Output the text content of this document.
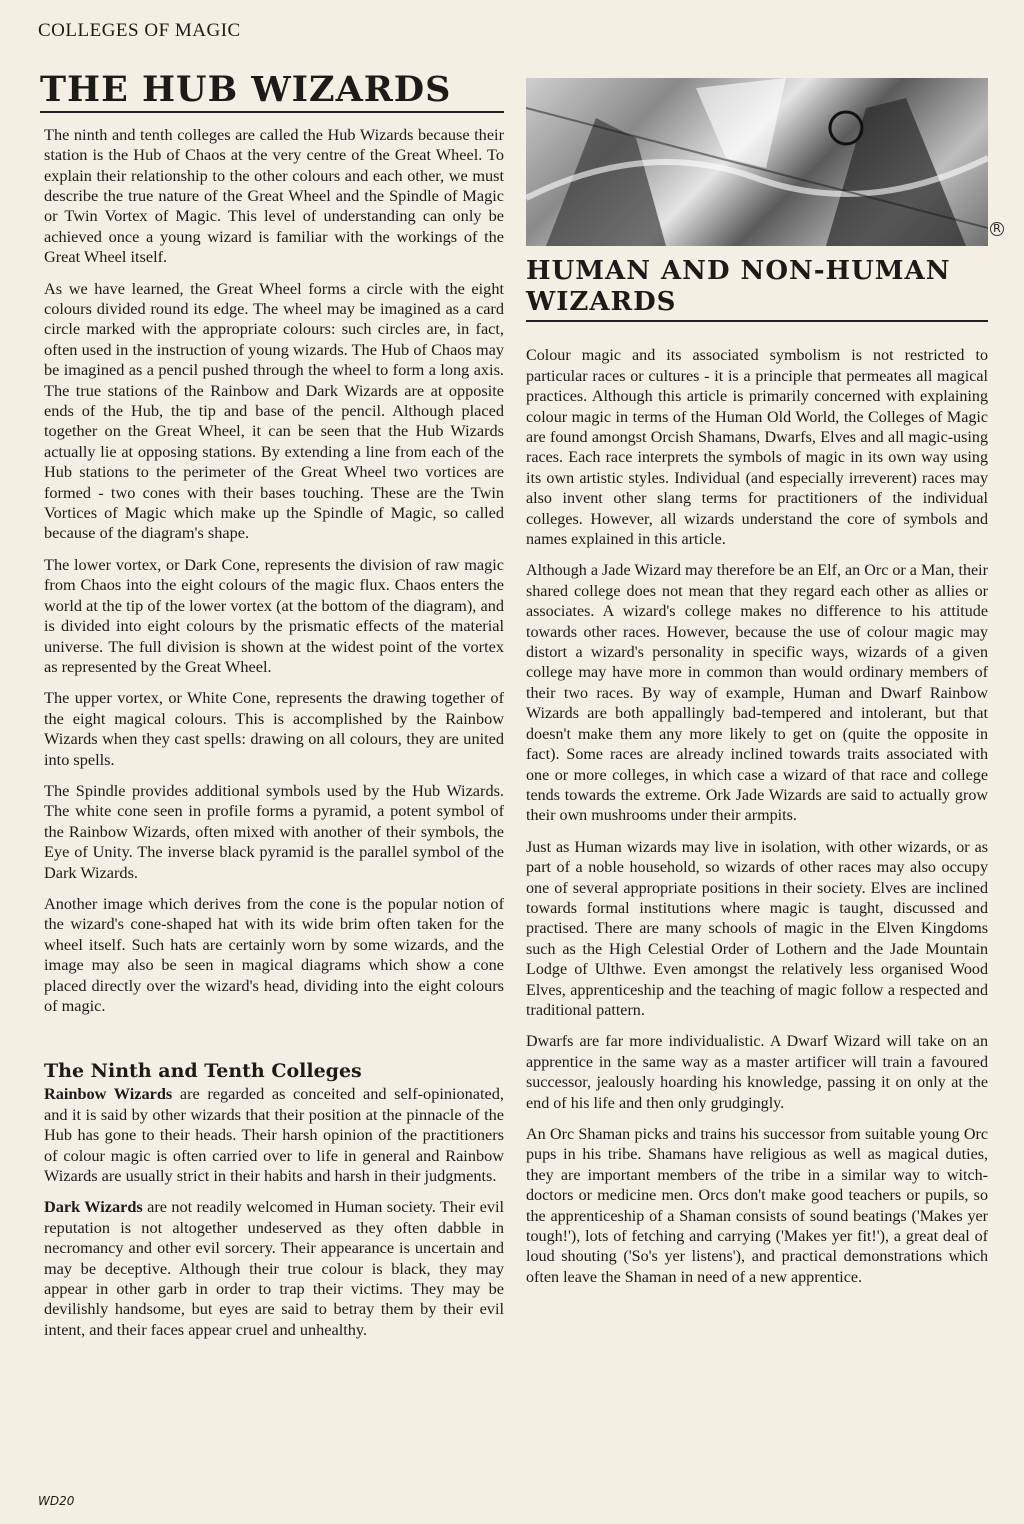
COLLEGES OF MAGIC
THE HUB WIZARDS

The ninth and tenth colleges are called the Hub Wizards because their station is the Hub of Chaos at the very centre of the Great Wheel. To explain their relationship to the other colours and each other, we must describe the true nature of the Great Wheel and the Spindle of Magic or Twin Vortex of Magic. This level of understanding can only be achieved once a young wizard is familiar with the workings of the Great Wheel itself.

As we have learned, the Great Wheel forms a circle with the eight colours divided round its edge. The wheel may be imagined as a card circle marked with the appropriate colours: such circles are, in fact, often used in the instruction of young wizards. The Hub of Chaos may be imagined as a pencil pushed through the wheel to form a long axis. The true stations of the Rainbow and Dark Wizards are at opposite ends of the Hub, the tip and base of the pencil. Although placed together on the Great Wheel, it can be seen that the Hub Wizards actually lie at opposing stations. By extending a line from each of the Hub stations to the perimeter of the Great Wheel two vortices are formed - two cones with their bases touching. These are the Twin Vortices of Magic which make up the Spindle of Magic, so called because of the diagram's shape.

The lower vortex, or Dark Cone, represents the division of raw magic from Chaos into the eight colours of the magic flux. Chaos enters the world at the tip of the lower vortex (at the bottom of the diagram), and is divided into eight colours by the prismatic effects of the material universe. The full division is shown at the widest point of the vortex as represented by the Great Wheel.

The upper vortex, or White Cone, represents the drawing together of the eight magical colours. This is accomplished by the Rainbow Wizards when they cast spells: drawing on all colours, they are united into spells.

The Spindle provides additional symbols used by the Hub Wizards. The white cone seen in profile forms a pyramid, a potent symbol of the Rainbow Wizards, often mixed with another of their symbols, the Eye of Unity. The inverse black pyramid is the parallel symbol of the Dark Wizards.

Another image which derives from the cone is the popular notion of the wizard's cone-shaped hat with its wide brim often taken for the wheel itself. Such hats are certainly worn by some wizards, and the image may also be seen in magical diagrams which show a cone placed directly over the wizard's head, dividing into the eight colours of magic.

The Ninth and Tenth Colleges

Rainbow Wizards are regarded as conceited and self-opinionated, and it is said by other wizards that their position at the pinnacle of the Hub has gone to their heads. Their harsh opinion of the practitioners of colour magic is often carried over to life in general and Rainbow Wizards are usually strict in their habits and harsh in their judgments.

Dark Wizards are not readily welcomed in Human society. Their evil reputation is not altogether undeserved as they often dabble in necromancy and other evil sorcery. Their appearance is uncertain and may be deceptive. Although their true colour is black, they may appear in other garb in order to trap their victims. They may be devilishly handsome, but eyes are said to betray them by their evil intent, and their faces appear cruel and unhealthy.

HUMAN AND NON-HUMAN WIZARDS

Colour magic and its associated symbolism is not restricted to particular races or cultures - it is a principle that permeates all magical practices. Although this article is primarily concerned with explaining colour magic in terms of the Human Old World, the Colleges of Magic are found amongst Orcish Shamans, Dwarfs, Elves and all magic-using races. Each race interprets the symbols of magic in its own way using its own artistic styles. Individual (and especially irreverent) races may also invent other slang terms for practitioners of the individual colleges. However, all wizards understand the core of symbols and names explained in this article.

Although a Jade Wizard may therefore be an Elf, an Orc or a Man, their shared college does not mean that they regard each other as allies or associates. A wizard's college makes no difference to his attitude towards other races. However, because the use of colour magic may distort a wizard's personality in specific ways, wizards of a given college may have more in common than would ordinary members of their two races. By way of example, Human and Dwarf Rainbow Wizards are both appallingly bad-tempered and intolerant, but that doesn't make them any more likely to get on (quite the opposite in fact). Some races are already inclined towards traits associated with one or more colleges, in which case a wizard of that race and college tends towards the extreme. Ork Jade Wizards are said to actually grow their own mushrooms under their armpits.

Just as Human wizards may live in isolation, with other wizards, or as part of a noble household, so wizards of other races may also occupy one of several appropriate positions in their society. Elves are inclined towards formal institutions where magic is taught, discussed and practised. There are many schools of magic in the Elven Kingdoms such as the High Celestial Order of Lothern and the Jade Mountain Lodge of Ulthwe. Even amongst the relatively less organised Wood Elves, apprenticeship and the teaching of magic follow a respected and traditional pattern.

Dwarfs are far more individualistic. A Dwarf Wizard will take on an apprentice in the same way as a master artificer will train a favoured successor, jealously hoarding his knowledge, passing it on only at the end of his life and then only grudgingly.

An Orc Shaman picks and trains his successor from suitable young Orc pups in his tribe. Shamans have religious as well as magical duties, they are important members of the tribe in a similar way to witch-doctors or medicine men. Orcs don't make good teachers or pupils, so the apprenticeship of a Shaman consists of sound beatings ('Makes yer tough!'), lots of fetching and carrying ('Makes yer fit!'), a great deal of loud shouting ('So's yer listens'), and practical demonstrations which often leave the Shaman in need of a new apprentice.

R
WD20
